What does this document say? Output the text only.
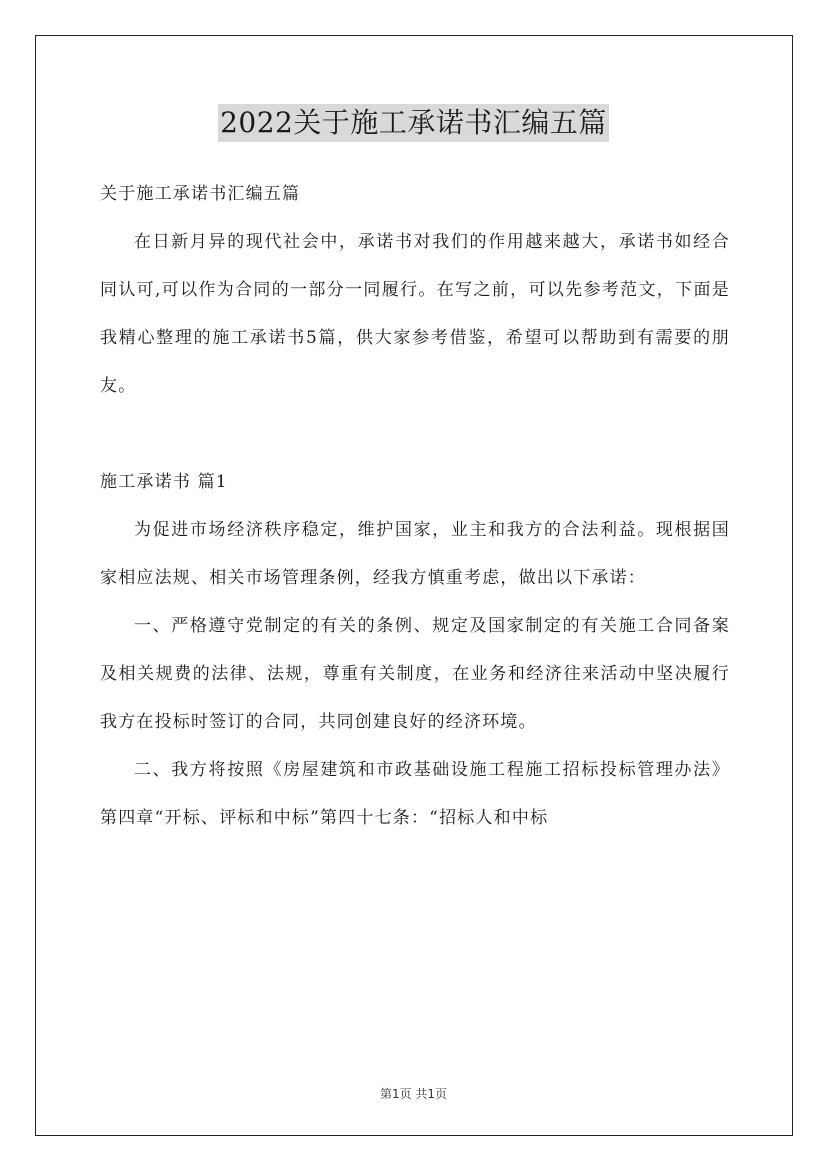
2022关于施工承诺书汇编五篇

关于施工承诺书汇编五篇

在日新月异的现代社会中，承诺书对我们的作用越来越大，承诺书如经合同认可,可以作为合同的一部分一同履行。在写之前，可以先参考范文，下面是我精心整理的施工承诺书5篇，供大家参考借鉴，希望可以帮助到有需要的朋友。

施工承诺书 篇1

为促进市场经济秩序稳定，维护国家，业主和我方的合法利益。现根据国家相应法规、相关市场管理条例，经我方慎重考虑，做出以下承诺：

一、严格遵守党制定的有关的条例、规定及国家制定的有关施工合同备案及相关规费的法律、法规，尊重有关制度，在业务和经济往来活动中坚决履行我方在投标时签订的合同，共同创建良好的经济环境。

二、我方将按照《房屋建筑和市政基础设施工程施工招标投标管理办法》第四章“开标、评标和中标”第四十七条：“招标人和中标

第1页 共1页
